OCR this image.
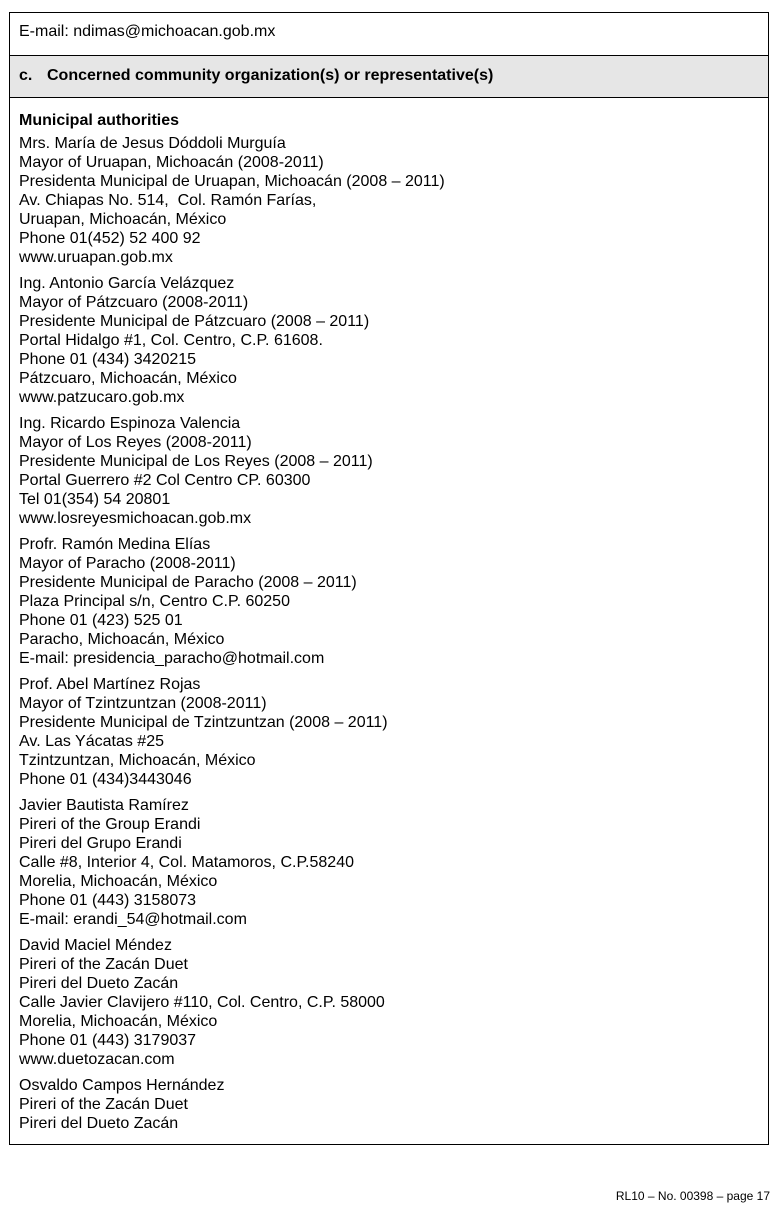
E-mail: ndimas@michoacan.gob.mx
c. Concerned community organization(s) or representative(s)
Municipal authorities
Mrs. María de Jesus Dóddoli Murguía
Mayor of Uruapan, Michoacán (2008-2011)
Presidenta Municipal de Uruapan, Michoacán (2008 – 2011)
Av. Chiapas No. 514,  Col. Ramón Farías,
Uruapan, Michoacán, México
Phone 01(452) 52 400 92
www.uruapan.gob.mx
Ing. Antonio García Velázquez
Mayor of Pátzcuaro (2008-2011)
Presidente Municipal de Pátzcuaro (2008 – 2011)
Portal Hidalgo #1, Col. Centro, C.P. 61608.
Phone 01 (434) 3420215
Pátzcuaro, Michoacán, México
www.patzucaro.gob.mx
Ing. Ricardo Espinoza Valencia
Mayor of Los Reyes (2008-2011)
Presidente Municipal de Los Reyes (2008 – 2011)
Portal Guerrero #2 Col Centro CP. 60300
Tel 01(354) 54 20801
www.losreyesmichoacan.gob.mx
Profr. Ramón Medina Elías
Mayor of Paracho (2008-2011)
Presidente Municipal de Paracho (2008 – 2011)
Plaza Principal s/n, Centro C.P. 60250
Phone 01 (423) 525 01
Paracho, Michoacán, México
E-mail: presidencia_paracho@hotmail.com
Prof. Abel Martínez Rojas
Mayor of Tzintzuntzan (2008-2011)
Presidente Municipal de Tzintzuntzan (2008 – 2011)
Av. Las Yácatas #25
Tzintzuntzan, Michoacán, México
Phone 01 (434)3443046
Javier Bautista Ramírez
Pireri of the Group Erandi
Pireri del Grupo Erandi
Calle #8, Interior 4, Col. Matamoros, C.P.58240
Morelia, Michoacán, México
Phone 01 (443) 3158073
E-mail: erandi_54@hotmail.com
David Maciel Méndez
Pireri of the Zacán Duet
Pireri del Dueto Zacán
Calle Javier Clavijero #110, Col. Centro, C.P. 58000
Morelia, Michoacán, México
Phone 01 (443) 3179037
www.duetozacan.com
Osvaldo Campos Hernández
Pireri of the Zacán Duet
Pireri del Dueto Zacán
RL10 – No. 00398 – page 17
